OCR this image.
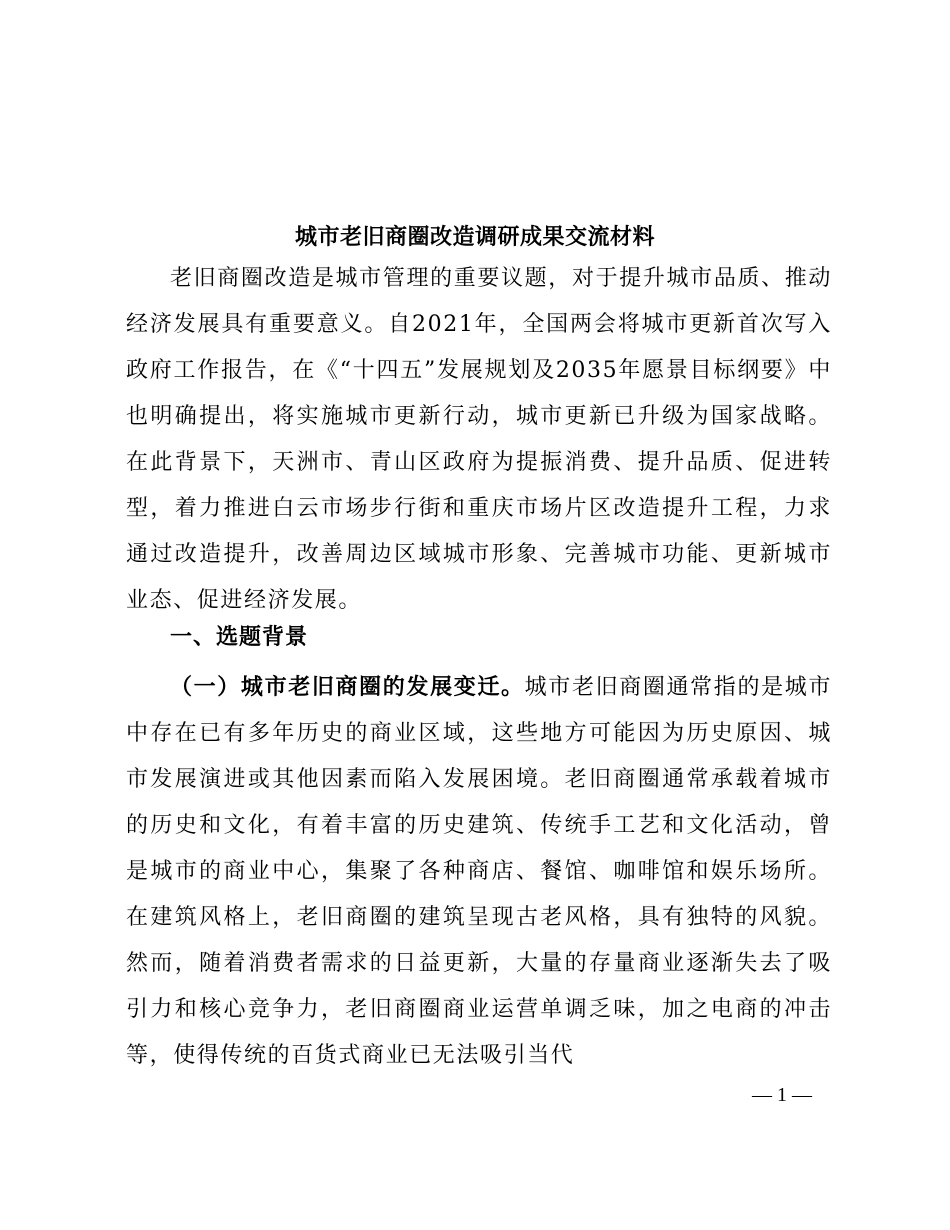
城市老旧商圈改造调研成果交流材料

老旧商圈改造是城市管理的重要议题，对于提升城市品质、推动经济发展具有重要意义。自2021年，全国两会将城市更新首次写入政府工作报告，在《“十四五”发展规划及2035年愿景目标纲要》中也明确提出，将实施城市更新行动，城市更新已升级为国家战略。在此背景下，天洲市、青山区政府为提振消费、提升品质、促进转型，着力推进白云市场步行街和重庆市场片区改造提升工程，力求通过改造提升，改善周边区域城市形象、完善城市功能、更新城市业态、促进经济发展。

一、选题背景

（一）城市老旧商圈的发展变迁。城市老旧商圈通常指的是城市中存在已有多年历史的商业区域，这些地方可能因为历史原因、城市发展演进或其他因素而陷入发展困境。老旧商圈通常承载着城市的历史和文化，有着丰富的历史建筑、传统手工艺和文化活动，曾是城市的商业中心，集聚了各种商店、餐馆、咖啡馆和娱乐场所。在建筑风格上，老旧商圈的建筑呈现古老风格，具有独特的风貌。然而，随着消费者需求的日益更新，大量的存量商业逐渐失去了吸引力和核心竞争力，老旧商圈商业运营单调乏味，加之电商的冲击等，使得传统的百货式商业已无法吸引当代

— 1 —
